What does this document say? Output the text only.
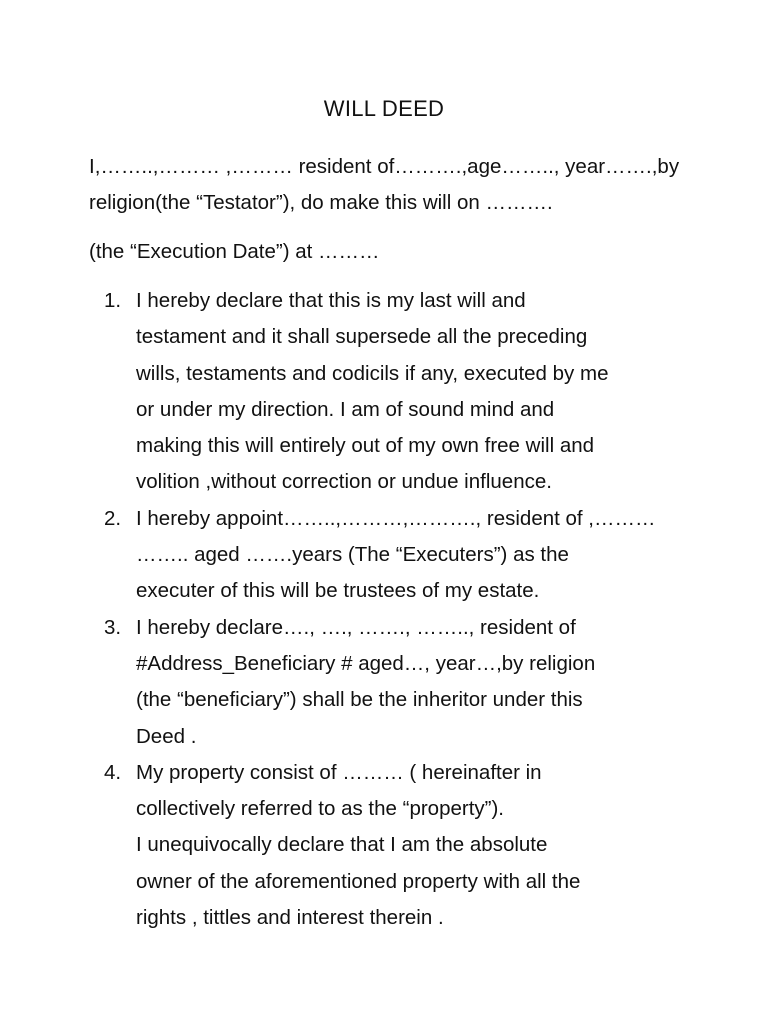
WILL DEED

I,……..,……… ,……… resident of……….,age…….., year…….,by
religion(the “Testator”), do make this will on ……….

(the “Execution Date”) at ………

1. I hereby declare that this is my last will and
testament and it shall supersede all the preceding
wills, testaments and codicils if any, executed by me
or under my direction. I am of sound mind and
making this will entirely out of my own free will and
volition ,without correction or undue influence.
2. I hereby appoint……..,………,………., resident of ,………
…….. aged …….years (The “Executers”) as the
executer of this will be trustees of my estate.
3. I hereby declare…., …., ……., …….., resident of
#Address_Beneficiary # aged…, year…,by religion
(the “beneficiary”) shall be the inheritor under this
Deed .
4. My property consist of ……… ( hereinafter in
collectively referred to as the “property”).
I unequivocally declare that I am the absolute
owner of the aforementioned property with all the
rights , tittles and interest therein .
